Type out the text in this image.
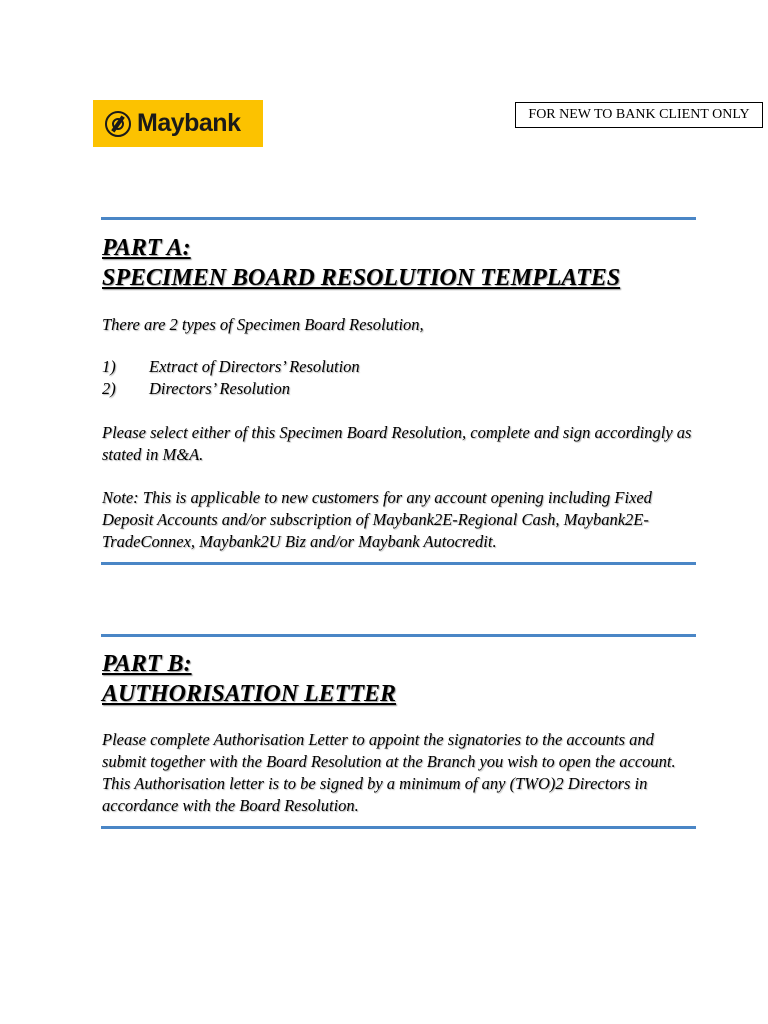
Maybank	FOR NEW TO BANK CLIENT ONLY
PART A:
SPECIMEN BOARD RESOLUTION TEMPLATES
There are 2 types of Specimen Board Resolution,
1) Extract of Directors’ Resolution
2) Directors’ Resolution
Please select either of this Specimen Board Resolution, complete and sign accordingly as stated in M&A.
Note: This is applicable to new customers for any account opening including Fixed Deposit Accounts and/or subscription of Maybank2E-Regional Cash, Maybank2E-TradeConnex, Maybank2U Biz and/or Maybank Autocredit.
PART B:
AUTHORISATION LETTER
Please complete Authorisation Letter to appoint the signatories to the accounts and submit together with the Board Resolution at the Branch you wish to open the account. This Authorisation letter is to be signed by a minimum of any (TWO)2 Directors in accordance with the Board Resolution.
